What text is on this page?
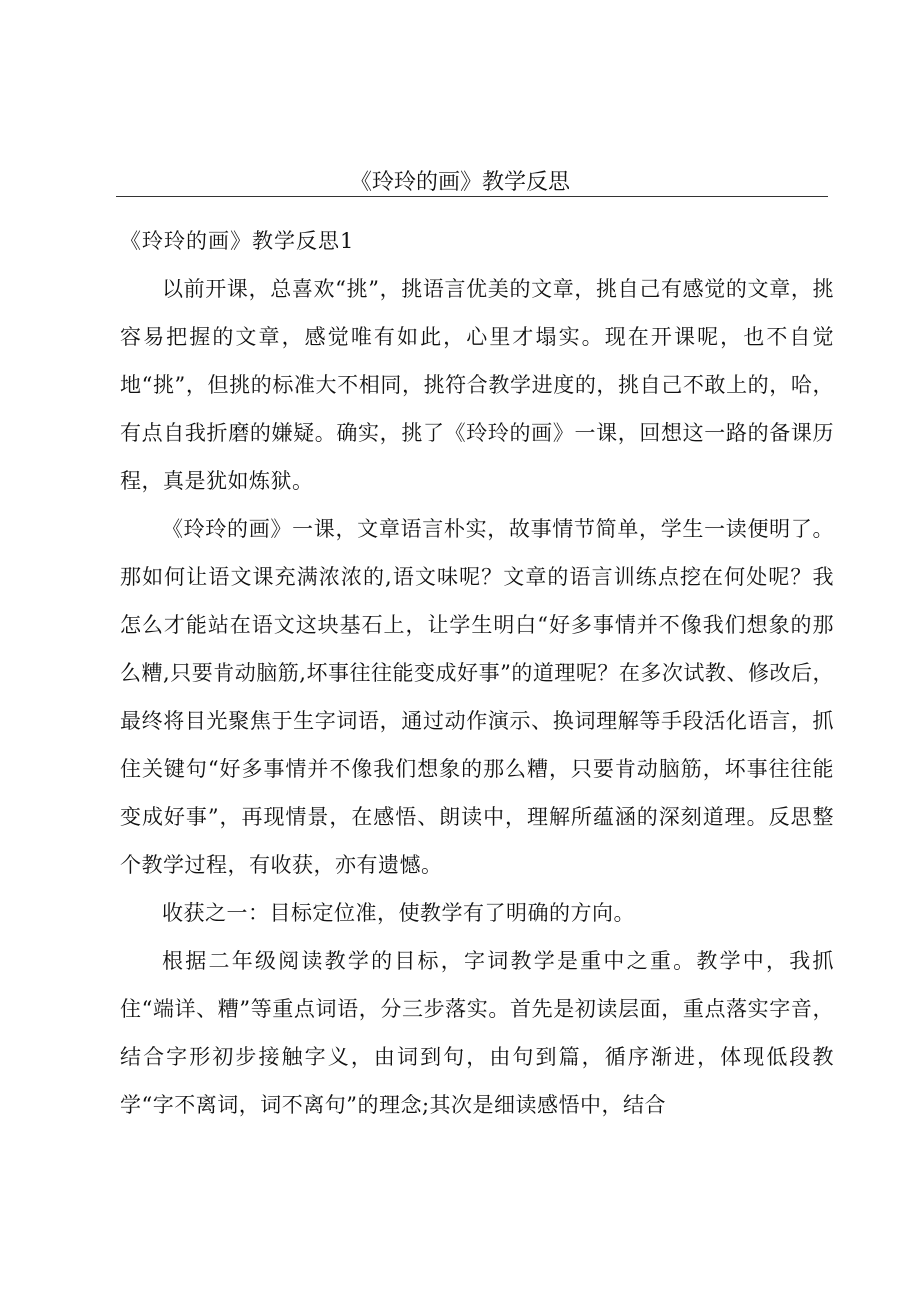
《玲玲的画》教学反思
《玲玲的画》教学反思1

以前开课，总喜欢“挑”，挑语言优美的文章，挑自己有感觉的文章，挑容易把握的文章，感觉唯有如此，心里才塌实。现在开课呢，也不自觉地“挑”，但挑的标准大不相同，挑符合教学进度的，挑自己不敢上的，哈，有点自我折磨的嫌疑。确实，挑了《玲玲的画》一课，回想这一路的备课历程，真是犹如炼狱。

《玲玲的画》一课，文章语言朴实，故事情节简单，学生一读便明了。那如何让语文课充满浓浓的,语文味呢？文章的语言训练点挖在何处呢？我怎么才能站在语文这块基石上，让学生明白“好多事情并不像我们想象的那么糟,只要肯动脑筋,坏事往往能变成好事”的道理呢？在多次试教、修改后，最终将目光聚焦于生字词语，通过动作演示、换词理解等手段活化语言，抓住关键句“好多事情并不像我们想象的那么糟，只要肯动脑筋，坏事往往能变成好事”，再现情景，在感悟、朗读中，理解所蕴涵的深刻道理。反思整个教学过程，有收获，亦有遗憾。

收获之一：目标定位准，使教学有了明确的方向。

根据二年级阅读教学的目标，字词教学是重中之重。教学中，我抓住“端详、糟”等重点词语，分三步落实。首先是初读层面，重点落实字音，结合字形初步接触字义，由词到句，由句到篇，循序渐进，体现低段教学“字不离词，词不离句”的理念;其次是细读感悟中，结合
